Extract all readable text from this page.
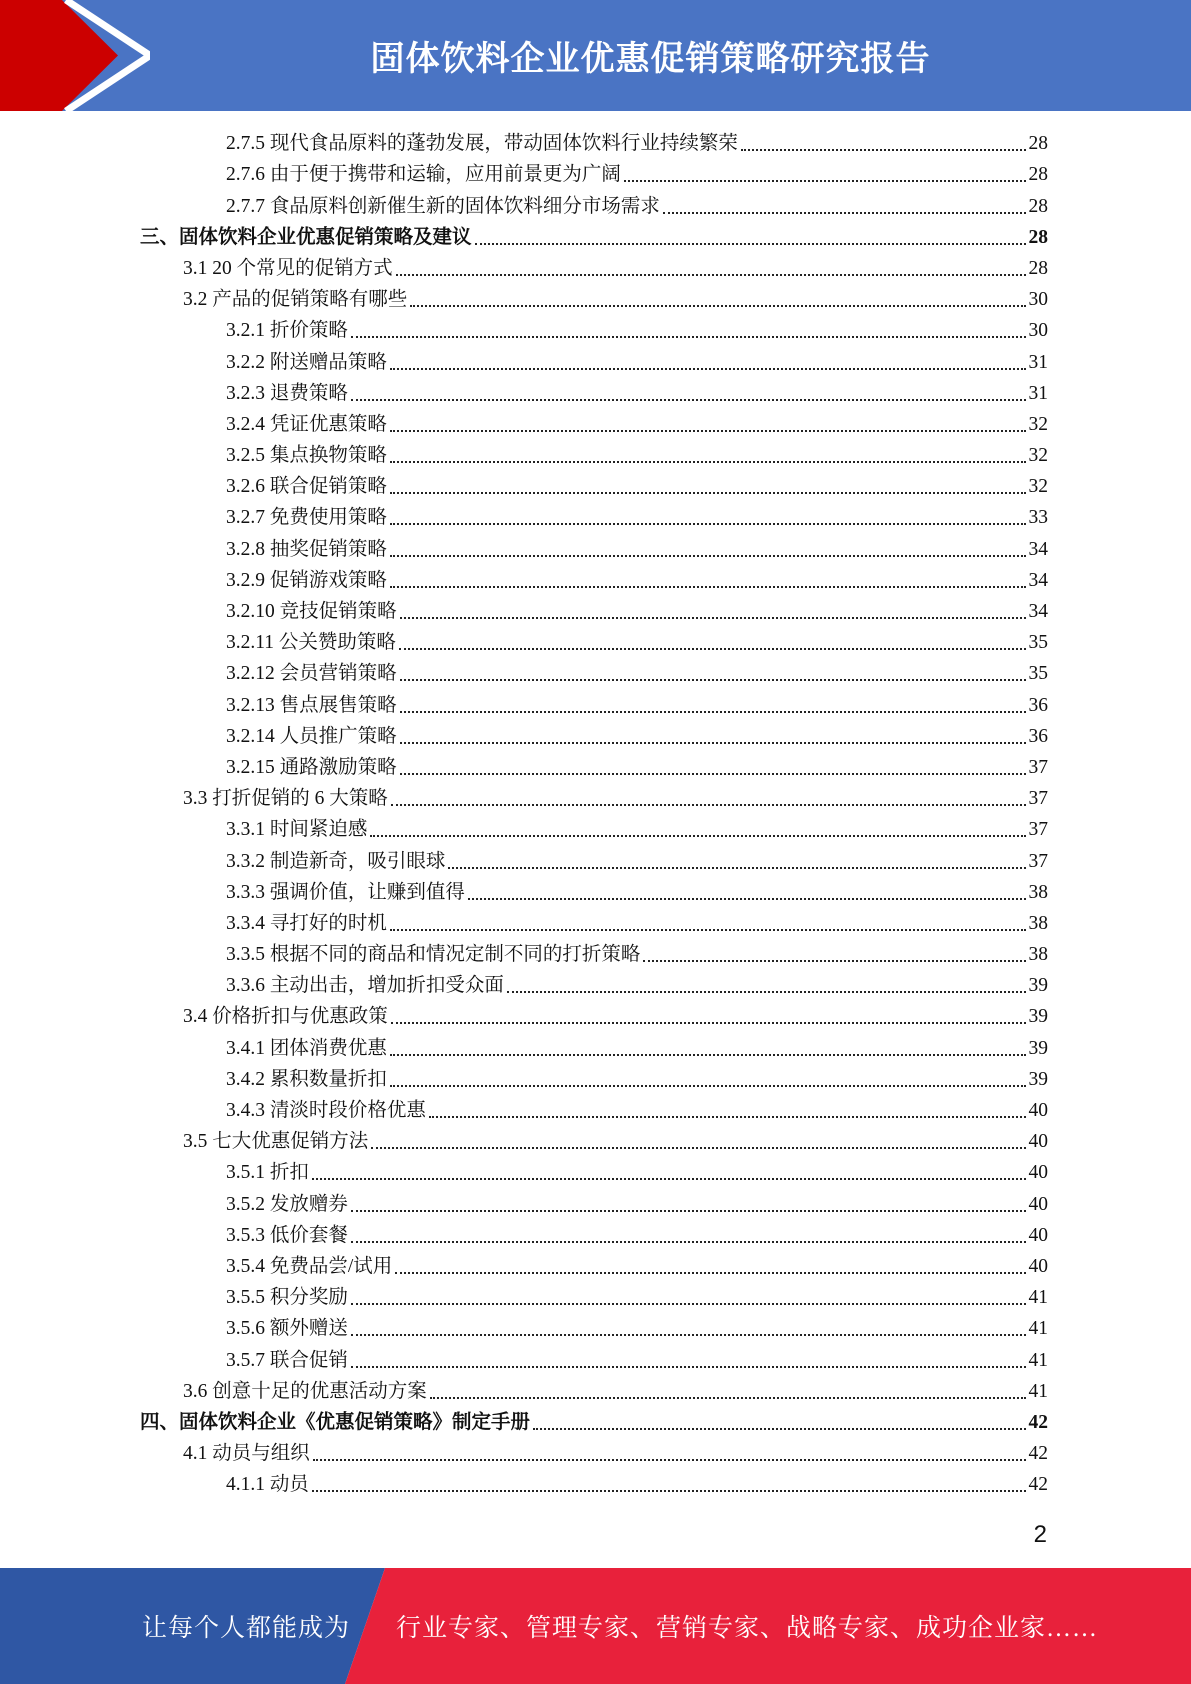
固体饮料企业优惠促销策略研究报告
2.7.5 现代食品原料的蓬勃发展，带动固体饮料行业持续繁荣	28
2.7.6 由于便于携带和运输，应用前景更为广阔	28
2.7.7 食品原料创新催生新的固体饮料细分市场需求	28
三、固体饮料企业优惠促销策略及建议	28
3.1 20 个常见的促销方式	28
3.2 产品的促销策略有哪些	30
3.2.1 折价策略	30
3.2.2 附送赠品策略	31
3.2.3 退费策略	31
3.2.4 凭证优惠策略	32
3.2.5 集点换物策略	32
3.2.6 联合促销策略	32
3.2.7 免费使用策略	33
3.2.8 抽奖促销策略	34
3.2.9 促销游戏策略	34
3.2.10 竞技促销策略	34
3.2.11 公关赞助策略	35
3.2.12 会员营销策略	35
3.2.13 售点展售策略	36
3.2.14 人员推广策略	36
3.2.15 通路激励策略	37
3.3 打折促销的 6 大策略	37
3.3.1 时间紧迫感	37
3.3.2 制造新奇，吸引眼球	37
3.3.3 强调价值，让赚到值得	38
3.3.4 寻打好的时机	38
3.3.5 根据不同的商品和情况定制不同的打折策略	38
3.3.6 主动出击，增加折扣受众面	39
3.4 价格折扣与优惠政策	39
3.4.1 团体消费优惠	39
3.4.2 累积数量折扣	39
3.4.3 清淡时段价格优惠	40
3.5 七大优惠促销方法	40
3.5.1 折扣	40
3.5.2 发放赠券	40
3.5.3 低价套餐	40
3.5.4 免费品尝/试用	40
3.5.5 积分奖励	41
3.5.6 额外赠送	41
3.5.7 联合促销	41
3.6 创意十足的优惠活动方案	41
四、固体饮料企业《优惠促销策略》制定手册	42
4.1 动员与组织	42
4.1.1 动员	42
2
让每个人都能成为 行业专家、管理专家、营销专家、战略专家、成功企业家……
